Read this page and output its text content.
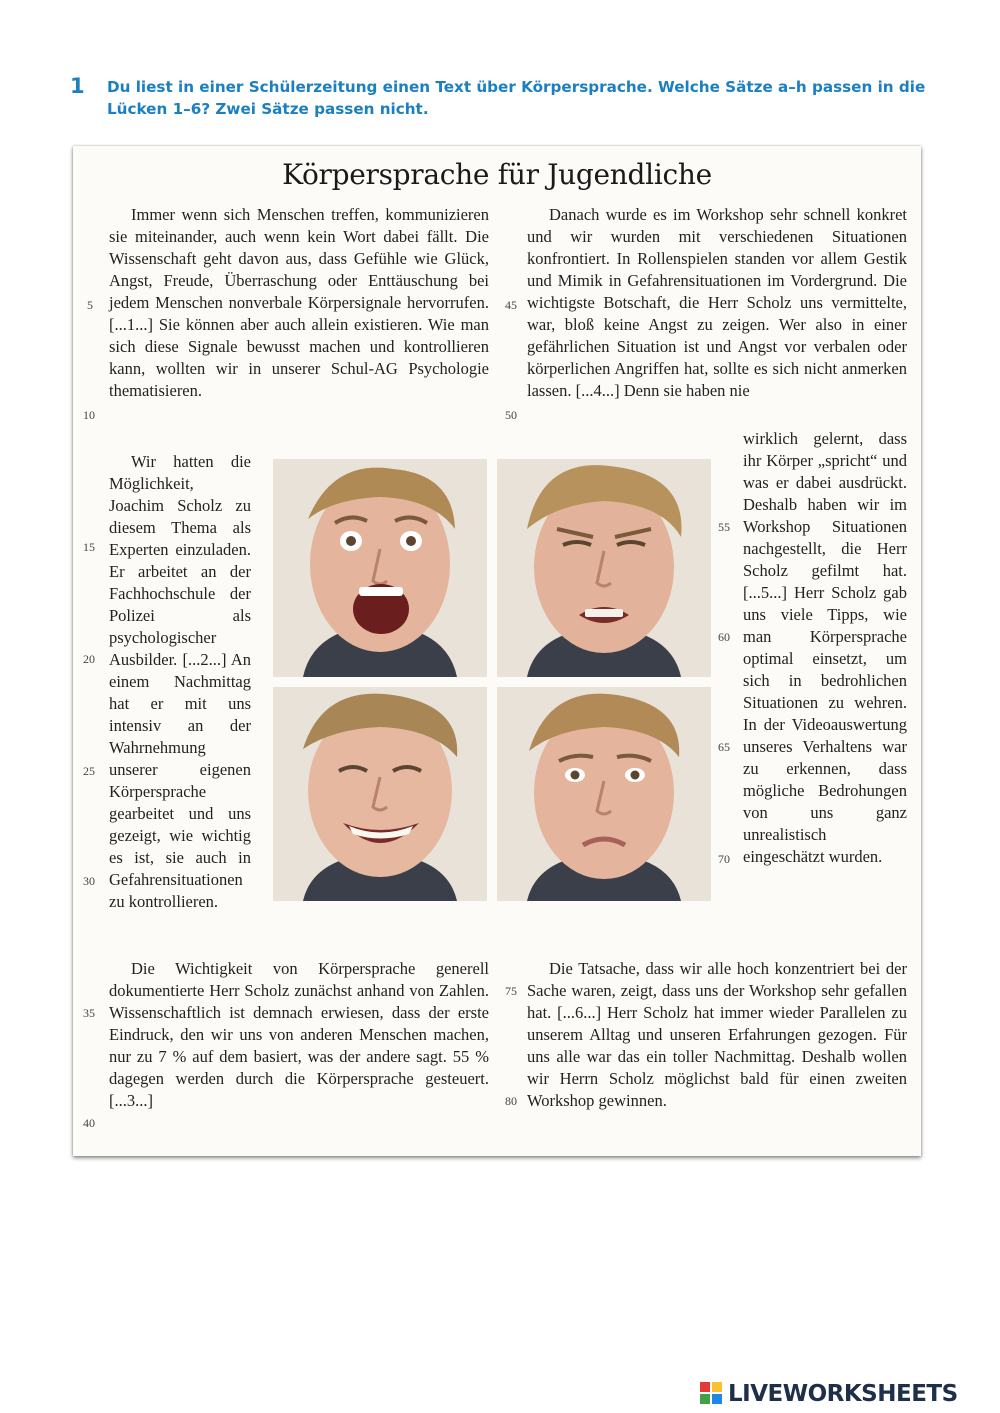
1 Du liest in einer Schülerzeitung einen Text über Körpersprache. Welche Sätze a–h passen in die Lücken 1–6? Zwei Sätze passen nicht.
Körpersprache für Jugendliche

Immer wenn sich Menschen treffen, kommunizieren sie miteinander, auch wenn kein Wort dabei fällt. Die Wissenschaft geht davon aus, dass Gefühle wie Glück, Angst, Freude, Überraschung oder Enttäuschung bei jedem Menschen nonverbale Körpersignale hervorrufen. [...1...] Sie können aber auch allein existieren. Wie man sich diese Signale bewusst machen und kontrollieren kann, wollten wir in unserer Schul-AG Psychologie thematisieren.

Wir hatten die Möglichkeit, Joachim Scholz zu diesem Thema als Experten einzuladen. Er arbeitet an der Fachhochschule der Polizei als psychologischer Ausbilder. [...2...] An einem Nachmittag hat er mit uns intensiv an der Wahrnehmung unserer eigenen Körpersprache gearbeitet und uns gezeigt, wie wichtig es ist, sie auch in Gefahrensituationen zu kontrollieren.

Die Wichtigkeit von Körpersprache generell dokumentierte Herr Scholz zunächst anhand von Zahlen. Wissenschaftlich ist demnach erwiesen, dass der erste Eindruck, den wir uns von anderen Menschen machen, nur zu 7 % auf dem basiert, was der andere sagt. 55 % dagegen werden durch die Körpersprache gesteuert. [...3...]

Danach wurde es im Workshop sehr schnell konkret und wir wurden mit verschiedenen Situationen konfrontiert. In Rollenspielen standen vor allem Gestik und Mimik in Gefahrensituationen im Vordergrund. Die wichtigste Botschaft, die Herr Scholz uns vermittelte, war, bloß keine Angst zu zeigen. Wer also in einer gefährlichen Situation ist und Angst vor verbalen oder körperlichen Angriffen hat, sollte es sich nicht anmerken lassen. [...4...] Denn sie haben nie

wirklich gelernt, dass ihr Körper „spricht“ und was er dabei ausdrückt. Deshalb haben wir im Workshop Situationen nachgestellt, die Herr Scholz gefilmt hat. [...5...] Herr Scholz gab uns viele Tipps, wie man Körpersprache optimal einsetzt, um sich in bedrohlichen Situationen zu wehren. In der Videoauswertung unseres Verhaltens war zu erkennen, dass mögliche Bedrohungen von uns ganz unrealistisch eingeschätzt wurden.

Die Tatsache, dass wir alle hoch konzentriert bei der Sache waren, zeigt, dass uns der Workshop sehr gefallen hat. [...6...] Herr Scholz hat immer wieder Parallelen zu unserem Alltag und unseren Erfahrungen gezogen. Für uns alle war das ein toller Nachmittag. Deshalb wollen wir Herrn Scholz möglichst bald für einen zweiten Workshop gewinnen.

5
10
15
20
25
30
35
40
45
50
55
60
65
70
75
80
LIVEWORKSHEETS
